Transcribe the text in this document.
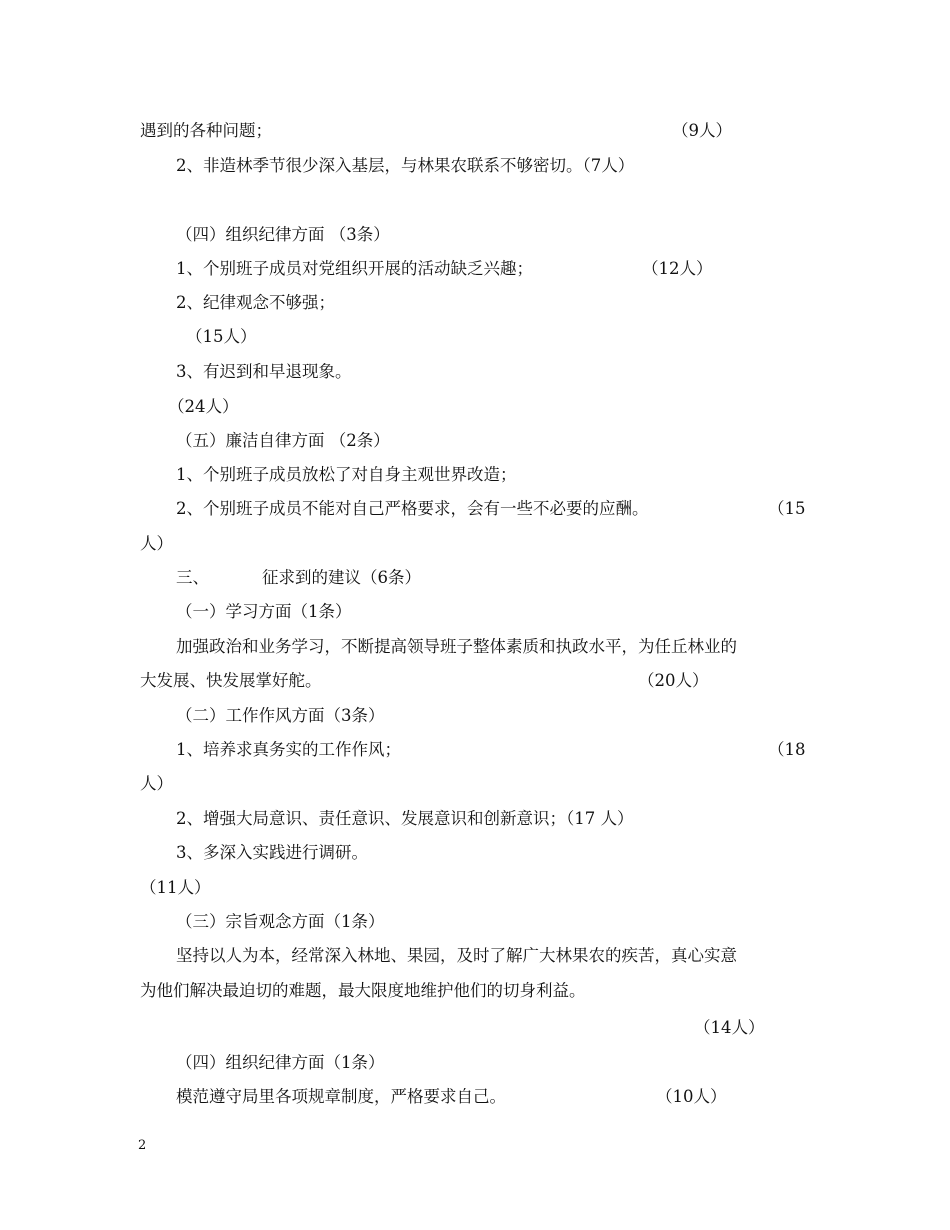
遇到的各种问题；	（9人）
2、非造林季节很少深入基层，与林果农联系不够密切。（7人）
（四）组织纪律方面 （3条）
1、个别班子成员对党组织开展的活动缺乏兴趣；	（12人）
2、纪律观念不够强；
（15人）
3、有迟到和早退现象。
（24人）
（五）廉洁自律方面 （2条）
1、个别班子成员放松了对自身主观世界改造；
2、个别班子成员不能对自己严格要求，会有一些不必要的应酬。	（15
人）
三、	征求到的建议（6条）
（一）学习方面（1条）
加强政治和业务学习，不断提高领导班子整体素质和执政水平，为任丘林业的
大发展、快发展掌好舵。	（20人）
（二）工作作风方面（3条）
1、培养求真务实的工作作风；	（18
人）
2、增强大局意识、责任意识、发展意识和创新意识；（17 人）
3、多深入实践进行调研。
（11人）
（三）宗旨观念方面（1条）
坚持以人为本，经常深入林地、果园，及时了解广大林果农的疾苦，真心实意
为他们解决最迫切的难题，最大限度地维护他们的切身利益。
（14人）
（四）组织纪律方面（1条）
模范遵守局里各项规章制度，严格要求自己。	（10人）
2
